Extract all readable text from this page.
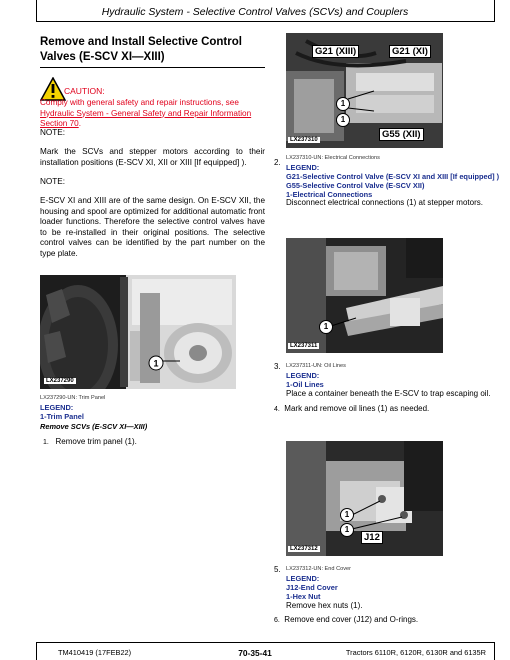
Hydraulic System - Selective Control Valves (SCVs) and Couplers
Remove and Install Selective Control Valves (E-SCV XI—XIII)
CAUTION:
Comply with general safety and repair instructions, see Hydraulic System - General Safety and Repair Information Section 70.
NOTE:
Mark the SCVs and stepper motors according to their installation positions (E-SCV XI, XII or XIII [If equipped] ).
NOTE:
E-SCV XI and XIII are of the same design. On E-SCV XII, the housing and spool are optimized for additional automatic front loader functions. Therefore the selective control valves have to be re-installed in their original positions. The selective control valves can be identified by the part number on the type plate.
1
LX237290
LX237290-UN: Trim Panel
LEGEND:
1-Trim Panel
Remove SCVs (E-SCV XI—XIII)
1. Remove trim panel (1).
G21 (XIII)	G21 (XI)
1
1
G55 (XII)
LX237310
LX237310-UN: Electrical Connections
LEGEND:
G21-Selective Control Valve (E-SCV XI and XIII [If equipped] )
G55-Selective Control Valve (E-SCV XII)
1-Electrical Connections
2.
Disconnect electrical connections (1) at stepper motors.
1
LX237311
3. LX237311-UN: Oil Lines
LEGEND:
1-Oil Lines
Place a container beneath the E-SCV to trap escaping oil.
4. Mark and remove oil lines (1) as needed.
1
1
J12
LX237312
5. LX237312-UN: End Cover
LEGEND:
J12-End Cover
1-Hex Nut
Remove hex nuts (1).
6. Remove end cover (J12) and O-rings.
TM410419 (17FEB22)	70-35-41	Tractors 6110R, 6120R, 6130R and 6135R
